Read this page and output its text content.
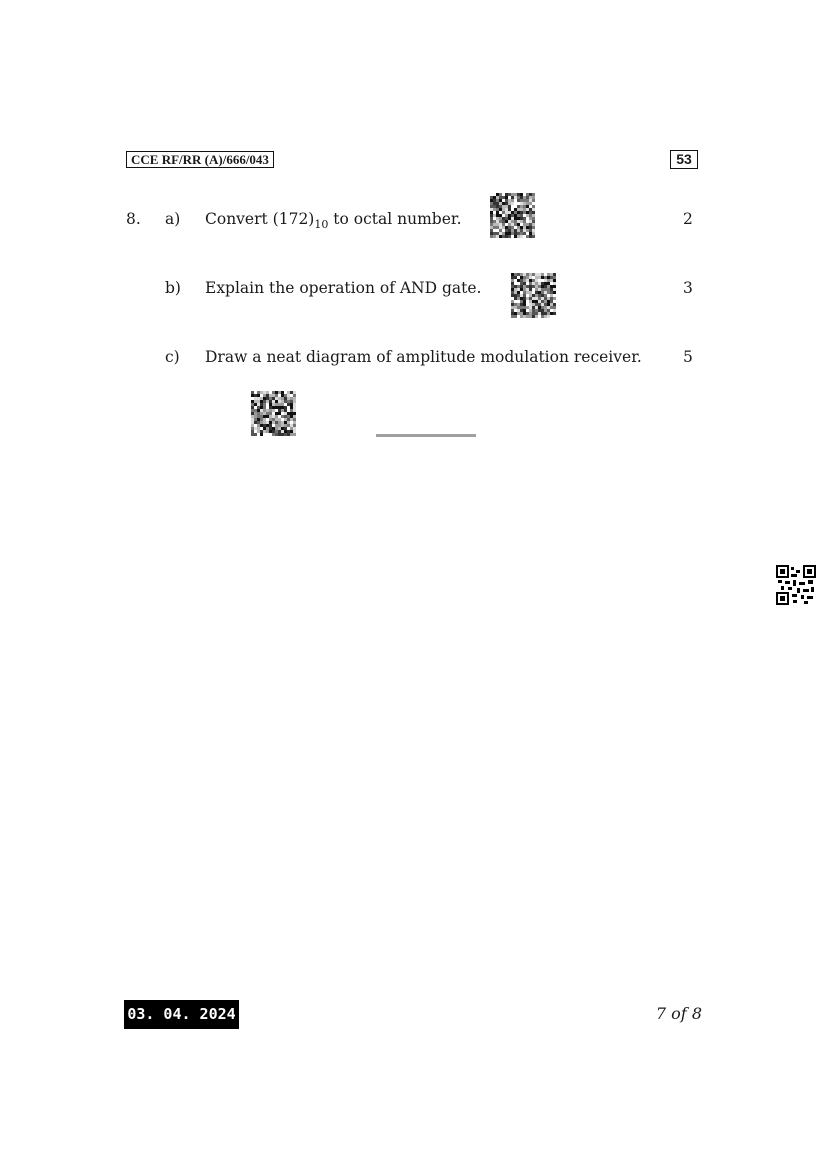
CCE RF/RR (A)/666/043	53
8. a) Convert $(172)_{10}$ to octal number.	2
b) Explain the operation of AND gate.	3
c) Draw a neat diagram of amplitude modulation receiver.	5
03. 04. 2024	7 of 8
